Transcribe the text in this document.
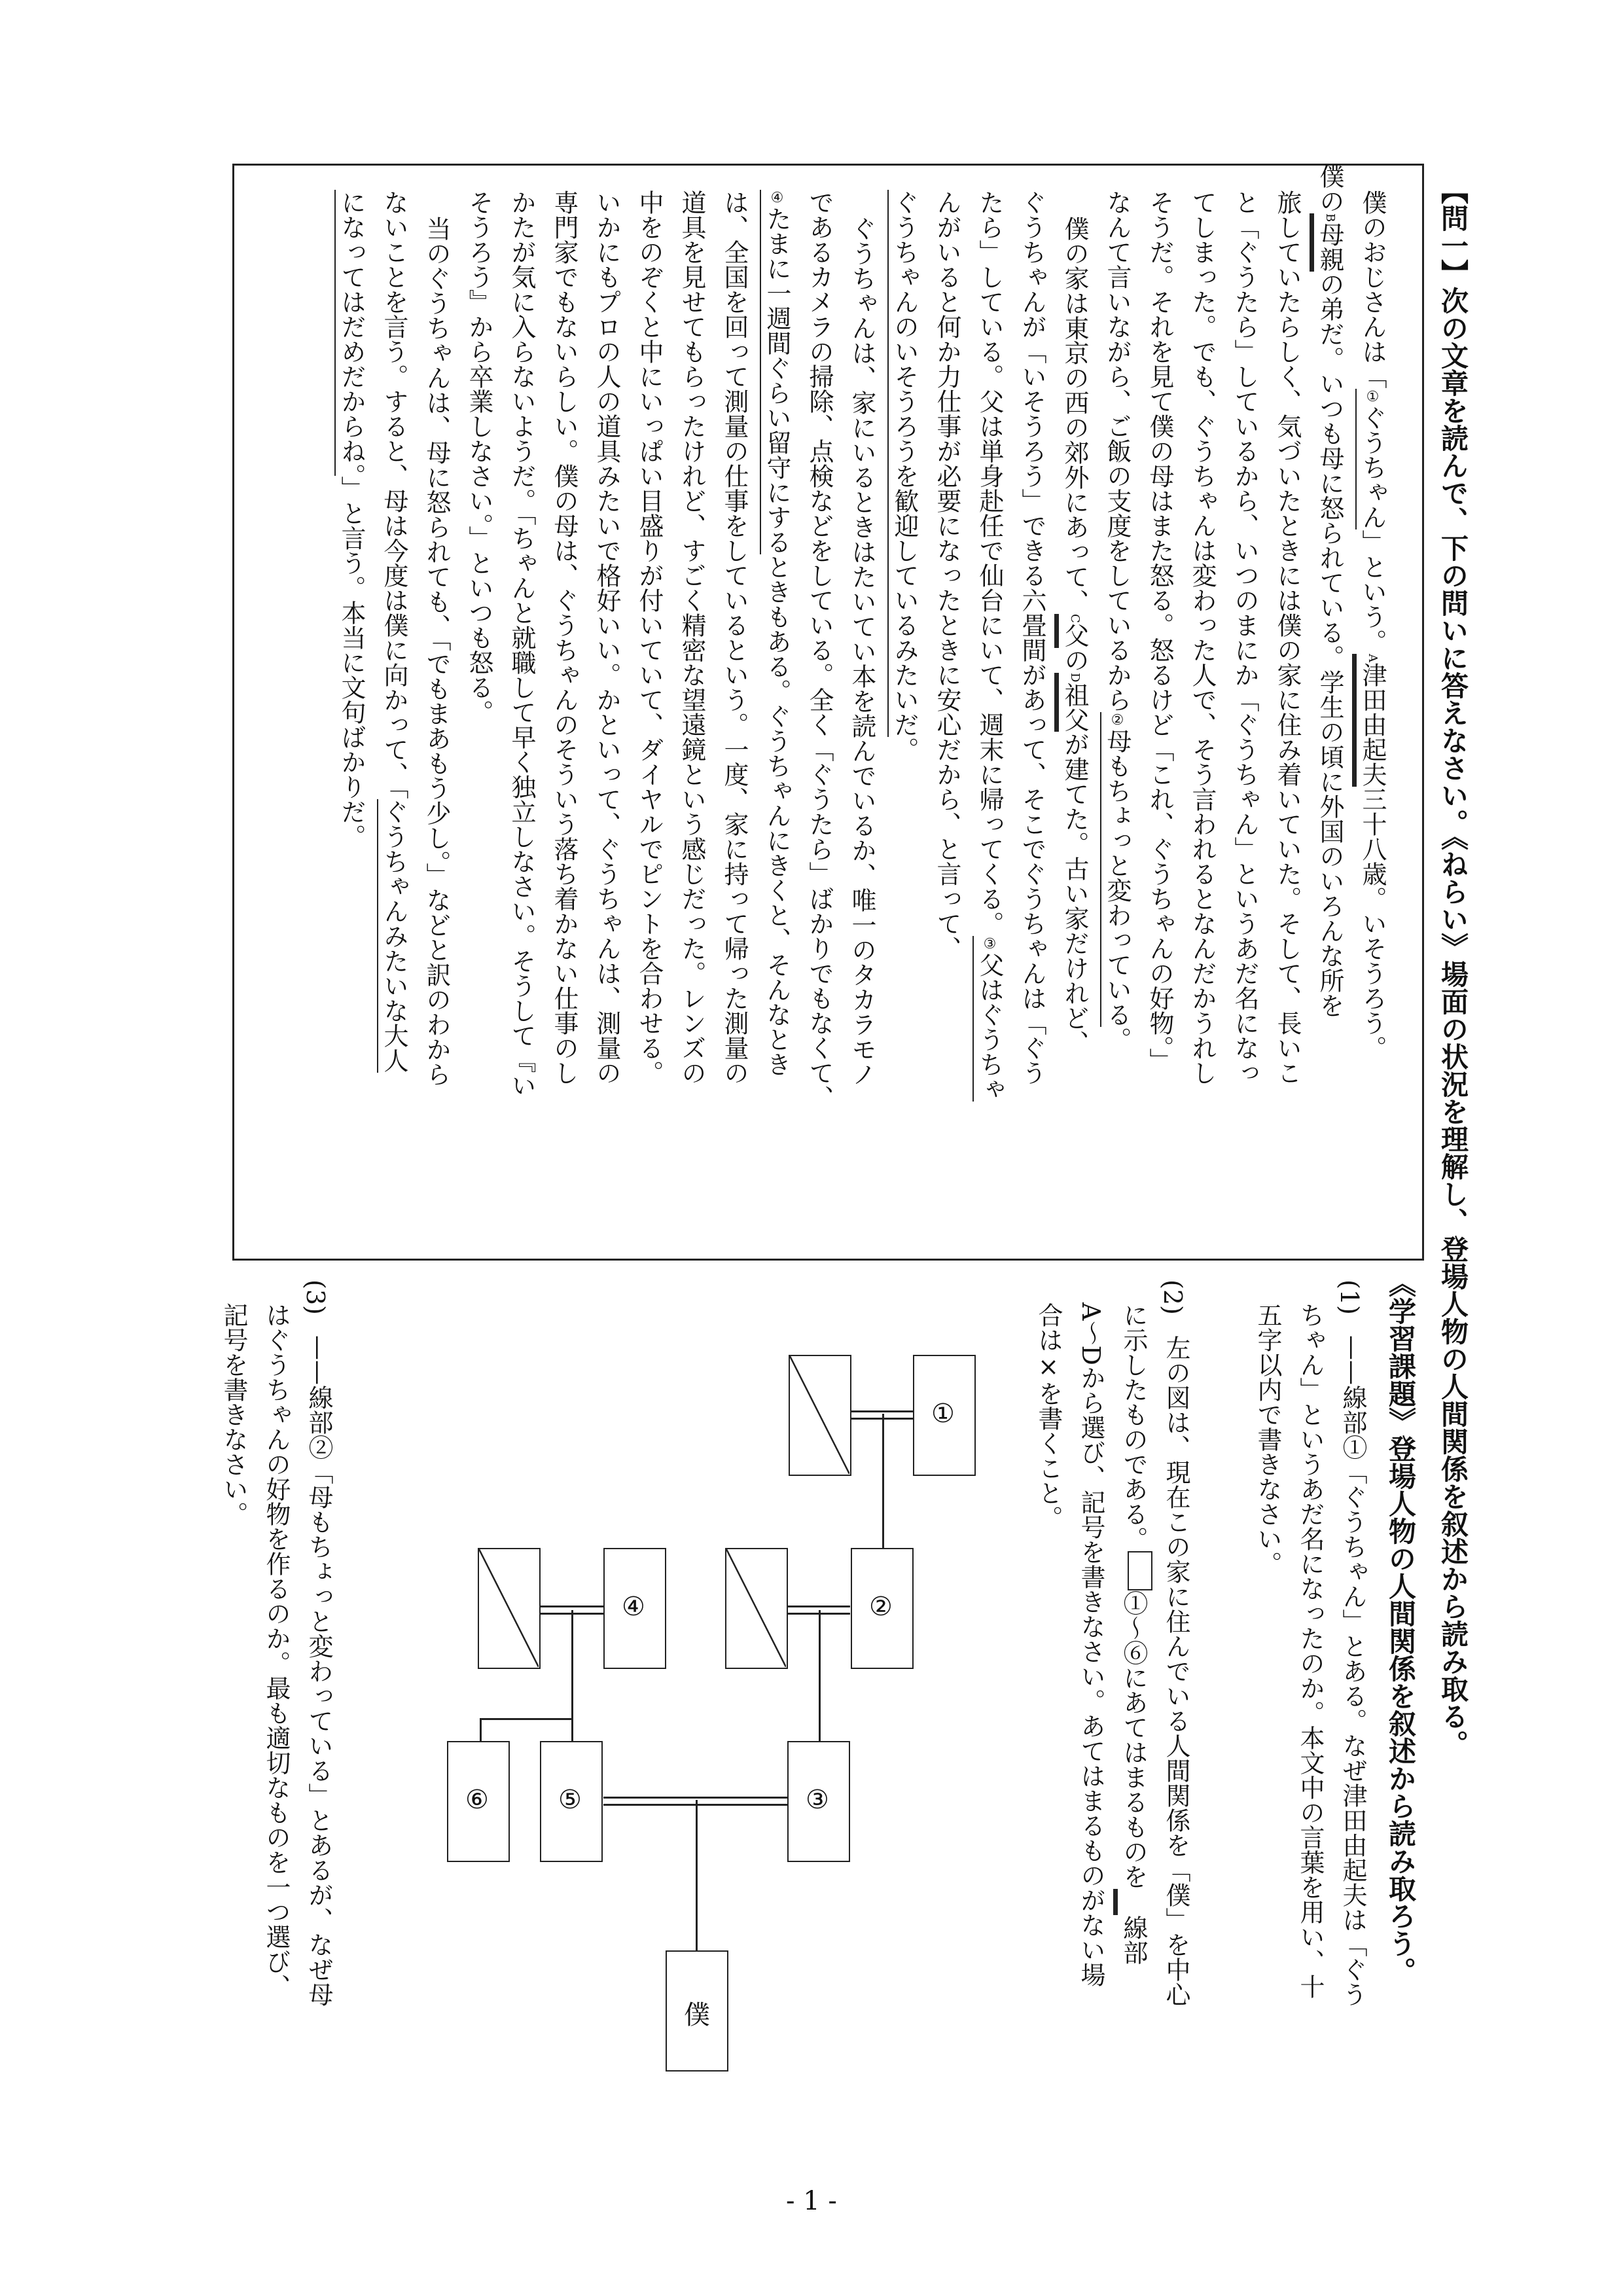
【問一】次の文章を読んで、下の問いに答えなさい。《ねらい》場面の状況を理解し、登場人物の人間関係を叙述から読み取る。
《学習課題》登場人物の人間関係を叙述から読み取ろう。
僕のおじさんは「①ぐうちゃん」という。A津田由起夫三十八歳。いそうろう。
僕のB母親の弟だ。いつも母に怒られている。学生の頃に外国のいろんな所を
旅していたらしく、気づいたときには僕の家に住み着いていた。そして、長いこ
と「ぐうたら」しているから、いつのまにか「ぐうちゃん」というあだ名になっ
てしまった。でも、ぐうちゃんは変わった人で、そう言われるとなんだかうれし
そうだ。それを見て僕の母はまた怒る。怒るけど「これ、ぐうちゃんの好物。」
なんて言いながら、ご飯の支度をしているから②母もちょっと変わっている。
僕の家は東京の西の郊外にあって、C父のD祖父が建てた。古い家だけれど、
ぐうちゃんが「いそうろう」できる六畳間があって、そこでぐうちゃんは「ぐう
たら」している。父は単身赴任で仙台にいて、週末に帰ってくる。③父はぐうちゃ
んがいると何か力仕事が必要になったときに安心だから、と言って、
ぐうちゃんのいそうろうを歓迎しているみたいだ。
ぐうちゃんは、家にいるときはたいてい本を読んでいるか、唯一のタカラモノ
であるカメラの掃除、点検などをしている。全く「ぐうたら」ばかりでもなくて、
④たまに一週間ぐらい留守にするときもある。ぐうちゃんにきくと、そんなとき
は、全国を回って測量の仕事をしているという。一度、家に持って帰った測量の
道具を見せてもらったけれど、すごく精密な望遠鏡という感じだった。レンズの
中をのぞくと中にいっぱい目盛りが付いていて、ダイヤルでピントを合わせる。
いかにもプロの人の道具みたいで格好いい。かといって、ぐうちゃんは、測量の
専門家でもないらしい。僕の母は、ぐうちゃんのそういう落ち着かない仕事のし
かたが気に入らないようだ。「ちゃんと就職して早く独立しなさい。そうして『い
そうろう』から卒業しなさい。」といつも怒る。
当のぐうちゃんは、母に怒られても、「でもまあもう少し。」などと訳のわから
ないことを言う。すると、母は今度は僕に向かって、「ぐうちゃんみたいな大人
になってはだめだからね。」と言う。本当に文句ばかりだ。
(1)
——線部①「ぐうちゃん」とある。なぜ津田由起夫は「ぐう
ちゃん」というあだ名になったのか。本文中の言葉を用い、十
五字以内で書きなさい。
(2)
左の図は、現在この家に住んでいる人間関係を「僕」を中心
に示したものである。①～⑥にあてはまるものを線部
A～Dから選び、記号を書きなさい。あてはまるものがない場
合は×を書くこと。
(3)
——線部②「母もちょっと変わっている」とあるが、なぜ母
はぐうちゃんの好物を作るのか。最も適切なものを一つ選び、
記号を書きなさい。	①
②
④
③
⑤
⑥
僕
- 1 -
